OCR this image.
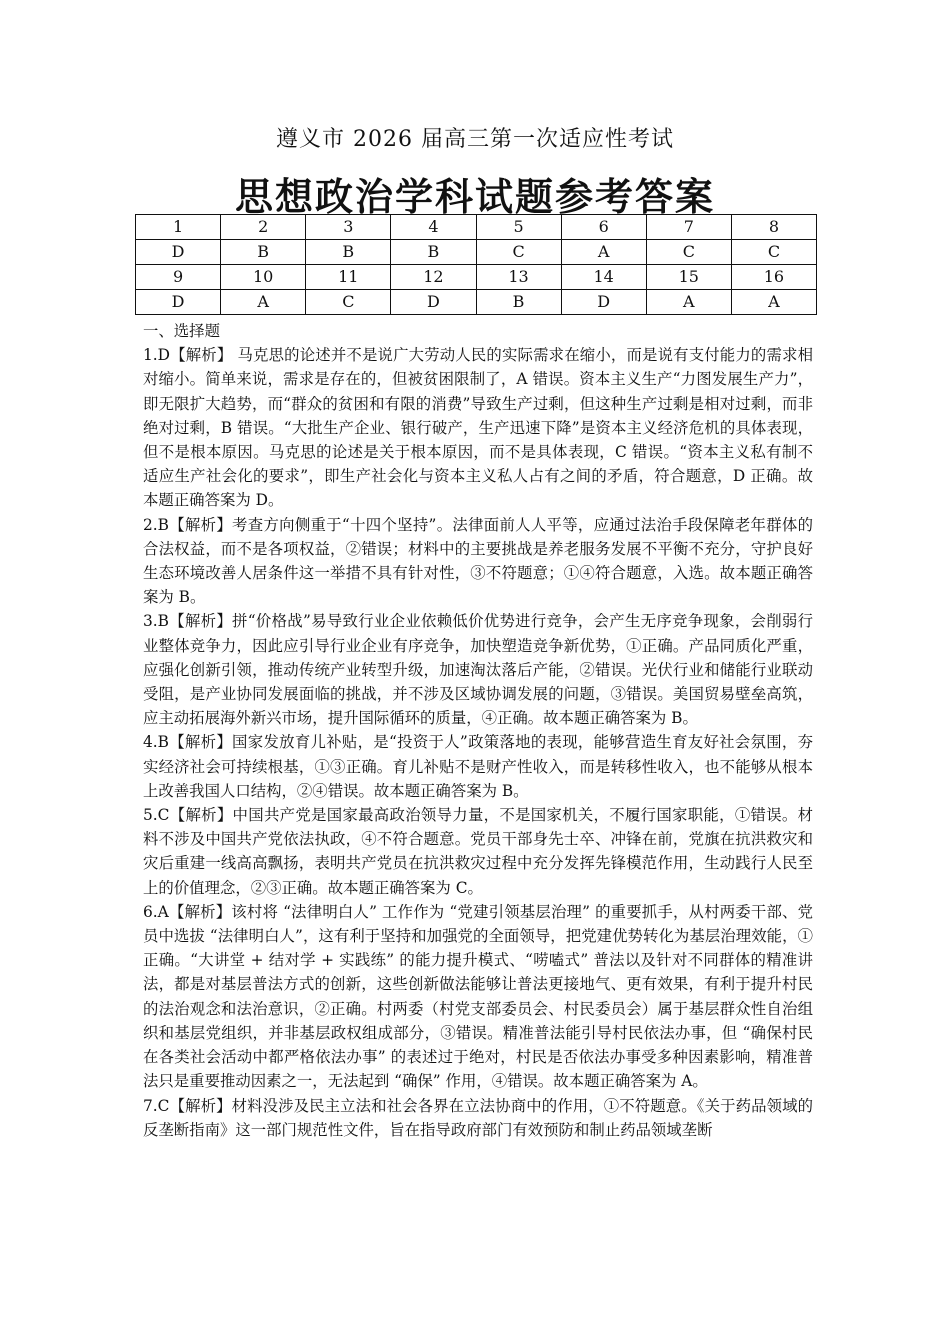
遵义市 2026 届高三第一次适应性考试
思想政治学科试题参考答案
1	2	3	4	5	6	7	8
D	B	B	B	C	A	C	C
9	10	11	12	13	14	15	16
D	A	C	D	B	D	A	A

一、选择题

1.D【解析】 马克思的论述并不是说广大劳动人民的实际需求在缩小，而是说有支付能力的需求相对缩小。简单来说，需求是存在的，但被贫困限制了，A 错误。资本主义生产“力图发展生产力”，即无限扩大趋势，而“群众的贫困和有限的消费”导致生产过剩，但这种生产过剩是相对过剩，而非绝对过剩，B 错误。“大批生产企业、银行破产，生产迅速下降”是资本主义经济危机的具体表现，但不是根本原因。马克思的论述是关于根本原因，而不是具体表现，C 错误。“资本主义私有制不适应生产社会化的要求”，即生产社会化与资本主义私人占有之间的矛盾，符合题意，D 正确。故本题正确答案为 D。

2.B【解析】考查方向侧重于“十四个坚持”。法律面前人人平等，应通过法治手段保障老年群体的合法权益，而不是各项权益，②错误；材料中的主要挑战是养老服务发展不平衡不充分，守护良好生态环境改善人居条件这一举措不具有针对性，③不符题意；①④符合题意，入选。故本题正确答案为 B。

3.B【解析】拼“价格战”易导致行业企业依赖低价优势进行竞争，会产生无序竞争现象，会削弱行业整体竞争力，因此应引导行业企业有序竞争，加快塑造竞争新优势，①正确。产品同质化严重，应强化创新引领，推动传统产业转型升级，加速淘汰落后产能，②错误。光伏行业和储能行业联动受阻，是产业协同发展面临的挑战，并不涉及区域协调发展的问题，③错误。美国贸易壁垒高筑，应主动拓展海外新兴市场，提升国际循环的质量，④正确。故本题正确答案为 B。

4.B【解析】国家发放育儿补贴，是“投资于人”政策落地的表现，能够营造生育友好社会氛围，夯实经济社会可持续根基，①③正确。育儿补贴不是财产性收入，而是转移性收入，也不能够从根本上改善我国人口结构，②④错误。故本题正确答案为 B。

5.C【解析】中国共产党是国家最高政治领导力量，不是国家机关，不履行国家职能，①错误。材料不涉及中国共产党依法执政，④不符合题意。党员干部身先士卒、冲锋在前，党旗在抗洪救灾和灾后重建一线高高飘扬，表明共产党员在抗洪救灾过程中充分发挥先锋模范作用，生动践行人民至上的价值理念，②③正确。故本题正确答案为 C。

6.A【解析】该村将 “法律明白人” 工作作为 “党建引领基层治理” 的重要抓手，从村两委干部、党员中选拔 “法律明白人”，这有利于坚持和加强党的全面领导，把党建优势转化为基层治理效能，①正确。“大讲堂 + 结对学 + 实践练” 的能力提升模式、“唠嗑式” 普法以及针对不同群体的精准讲法，都是对基层普法方式的创新，这些创新做法能够让普法更接地气、更有效果，有利于提升村民的法治观念和法治意识，②正确。村两委（村党支部委员会、村民委员会）属于基层群众性自治组织和基层党组织，并非基层政权组成部分，③错误。精准普法能引导村民依法办事，但 “确保村民在各类社会活动中都严格依法办事” 的表述过于绝对，村民是否依法办事受多种因素影响，精准普法只是重要推动因素之一，无法起到 “确保” 作用，④错误。故本题正确答案为 A。

7.C【解析】材料没涉及民主立法和社会各界在立法协商中的作用，①不符题意。《关于药品领域的反垄断指南》这一部门规范性文件，旨在指导政府部门有效预防和制止药品领域垄断
